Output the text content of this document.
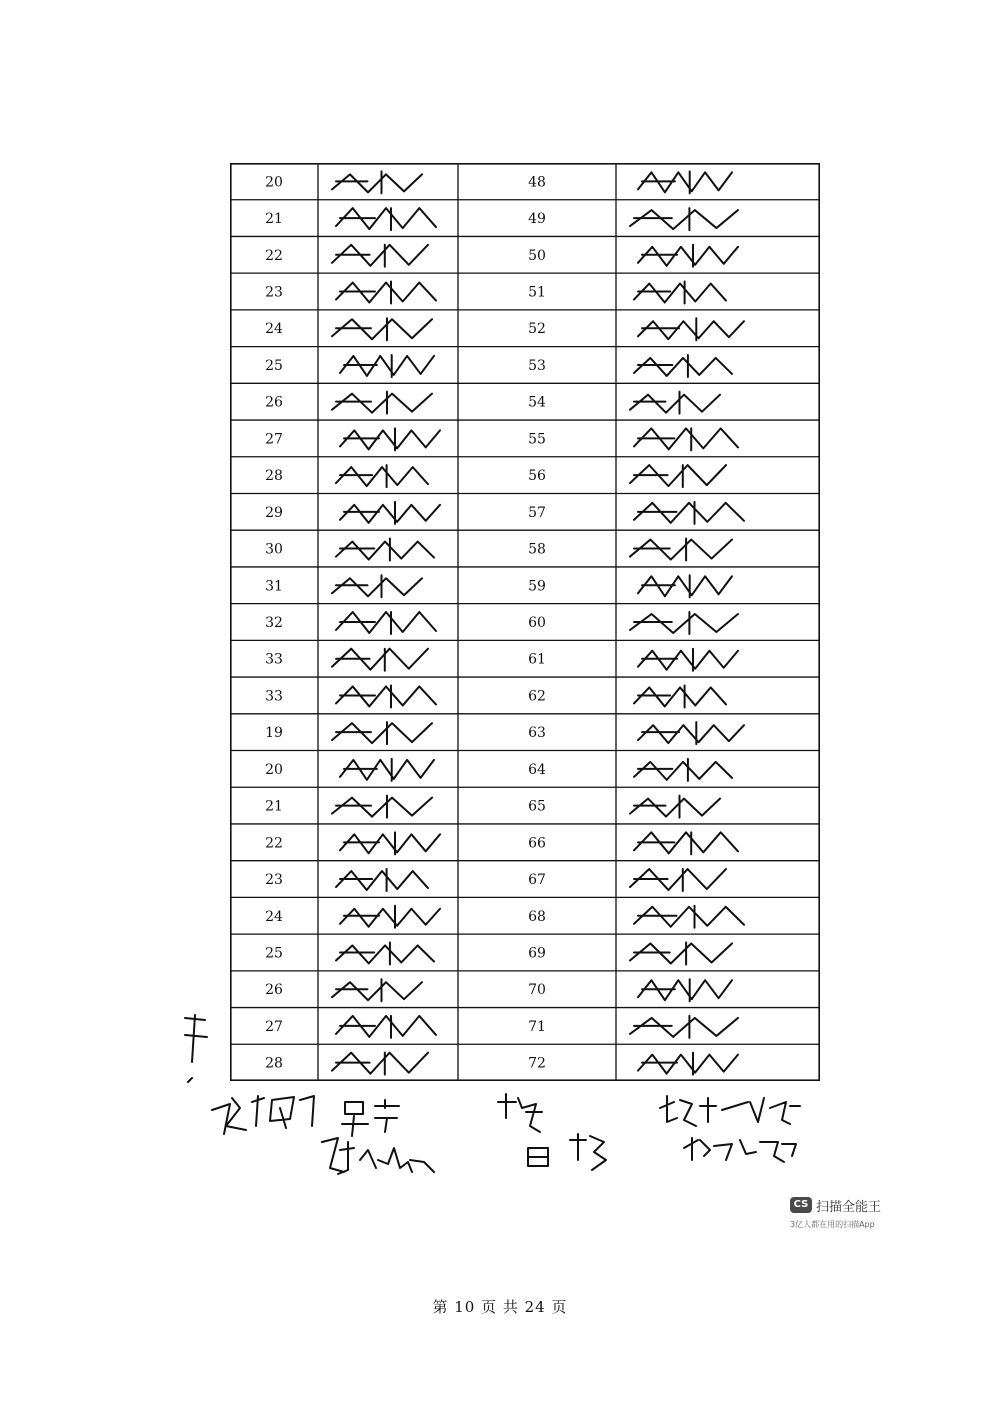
20	48
21	49
22	50
23	51
24	52
25	53
26	54
27	55
28	56
29	57
30	58
31	59
32	60
33	61
33	62
19	63
20	64
21	65
22	66
23	67
24	68
25	69
26	70
27	71
28	72
CS 扫描全能王
3亿人都在用的扫描App
第 10 页 共 24 页
